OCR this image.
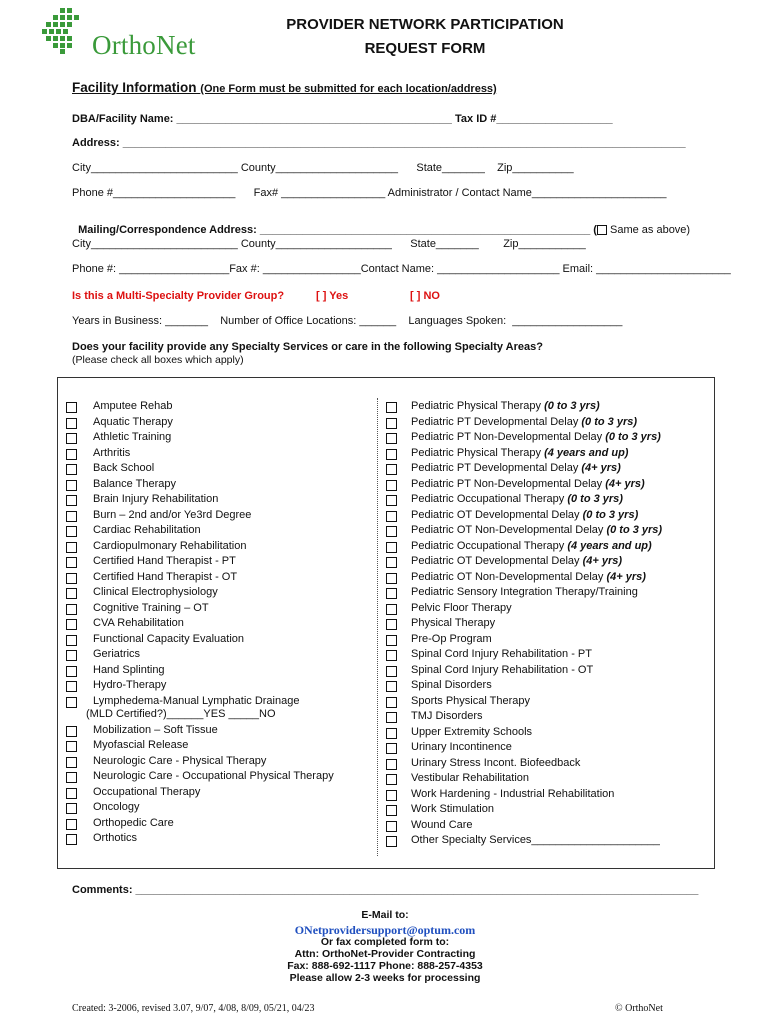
OrthoNet
PROVIDER NETWORK PARTICIPATION
REQUEST FORM
Facility Information (One Form must be submitted for each location/address)
DBA/Facility Name: _____________________________________________ Tax ID #___________________
Address: ____________________________________________________________________________________________
City________________________ County____________________      State_______    Zip__________
Phone #____________________      Fax# _________________ Administrator / Contact Name______________________

Mailing/Correspondence Address: ______________________________________________________ ( Same as above)

City________________________ County___________________      State_______        Zip___________
Phone #: __________________Fax #: ________________Contact Name: ____________________ Email: ______________________
Is this a Multi-Specialty Provider Group?	[ ] Yes	[ ] NO
Years in Business: _______    Number of Office Locations: ______    Languages Spoken:  __________________
Does your facility provide any Specialty Services or care in the following Specialty Areas?
(Please check all boxes which apply)
Amputee Rehab
Aquatic Therapy
Athletic Training
Arthritis
Back School
Balance Therapy
Brain Injury Rehabilitation
Burn – 2nd and/or Ye3rd Degree
Cardiac Rehabilitation
Cardiopulmonary Rehabilitation
Certified Hand Therapist - PT
Certified Hand Therapist - OT
Clinical Electrophysiology
Cognitive Training – OT
CVA Rehabilitation
Functional Capacity Evaluation
Geriatrics
Hand Splinting
Hydro-Therapy
Lymphedema-Manual Lymphatic Drainage
(MLD Certified?)______YES _____NO
Mobilization – Soft Tissue
Myofascial Release
Neurologic Care - Physical Therapy
Neurologic Care - Occupational Physical Therapy
Occupational Therapy
Oncology
Orthopedic Care
Orthotics
Pediatric Physical Therapy (0 to 3 yrs)
Pediatric PT Developmental Delay (0 to 3 yrs)
Pediatric PT Non-Developmental Delay (0 to 3 yrs)
Pediatric Physical Therapy (4 years and up)
Pediatric PT Developmental Delay (4+ yrs)
Pediatric PT Non-Developmental Delay (4+ yrs)
Pediatric Occupational Therapy (0 to 3 yrs)
Pediatric OT Developmental Delay (0 to 3 yrs)
Pediatric OT Non-Developmental Delay (0 to 3 yrs)
Pediatric Occupational Therapy (4 years and up)
Pediatric OT Developmental Delay (4+ yrs)
Pediatric OT Non-Developmental Delay (4+ yrs)
Pediatric Sensory Integration Therapy/Training
Pelvic Floor Therapy
Physical Therapy
Pre-Op Program
Spinal Cord Injury Rehabilitation - PT
Spinal Cord Injury Rehabilitation - OT
Spinal Disorders
Sports Physical Therapy
TMJ Disorders
Upper Extremity Schools
Urinary Incontinence
Urinary Stress Incont. Biofeedback
Vestibular Rehabilitation
Work Hardening - Industrial Rehabilitation
Work Stimulation
Wound Care
Other Specialty Services_____________________
Comments: ____________________________________________________________________________________________
E-Mail to:
ONetprovidersupport@optum.com
Or fax completed form to:
Attn: OrthoNet-Provider Contracting
Fax: 888-692-1117 Phone: 888-257-4353
Please allow 2-3 weeks for processing
Created: 3-2006, revised 3.07, 9/07, 4/08, 8/09, 05/21, 04/23	© OrthoNet
